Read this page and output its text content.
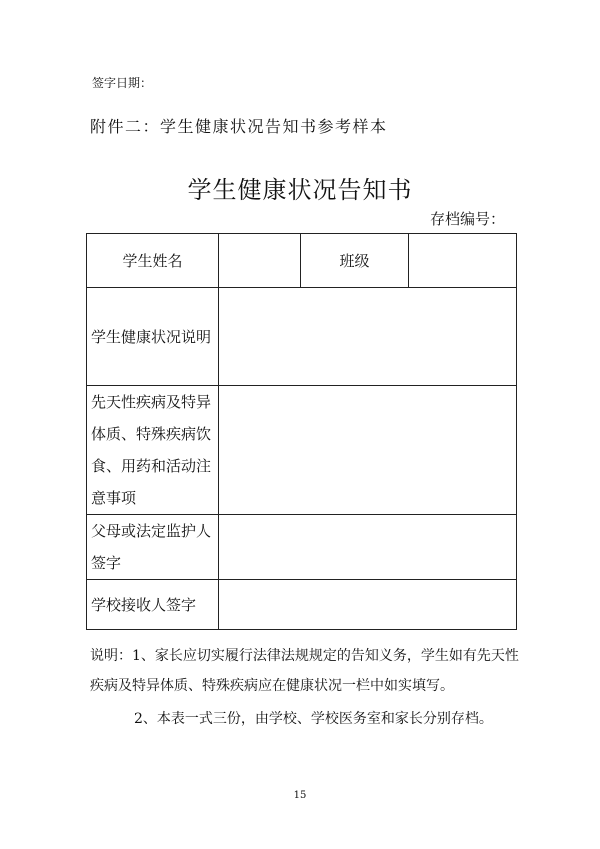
签字日期：
附件二：学生健康状况告知书参考样本
学生健康状况告知书
存档编号：
学生姓名		班级	
学生健康状况说明			
先天性疾病及特异体质、特殊疾病饮食、用药和活动注意事项			
父母或法定监护人签字			
学校接收人签字			
说明：1、家长应切实履行法律法规规定的告知义务，学生如有先天性疾病及特异体质、特殊疾病应在健康状况一栏中如实填写。
2、本表一式三份，由学校、学校医务室和家长分别存档。
15
